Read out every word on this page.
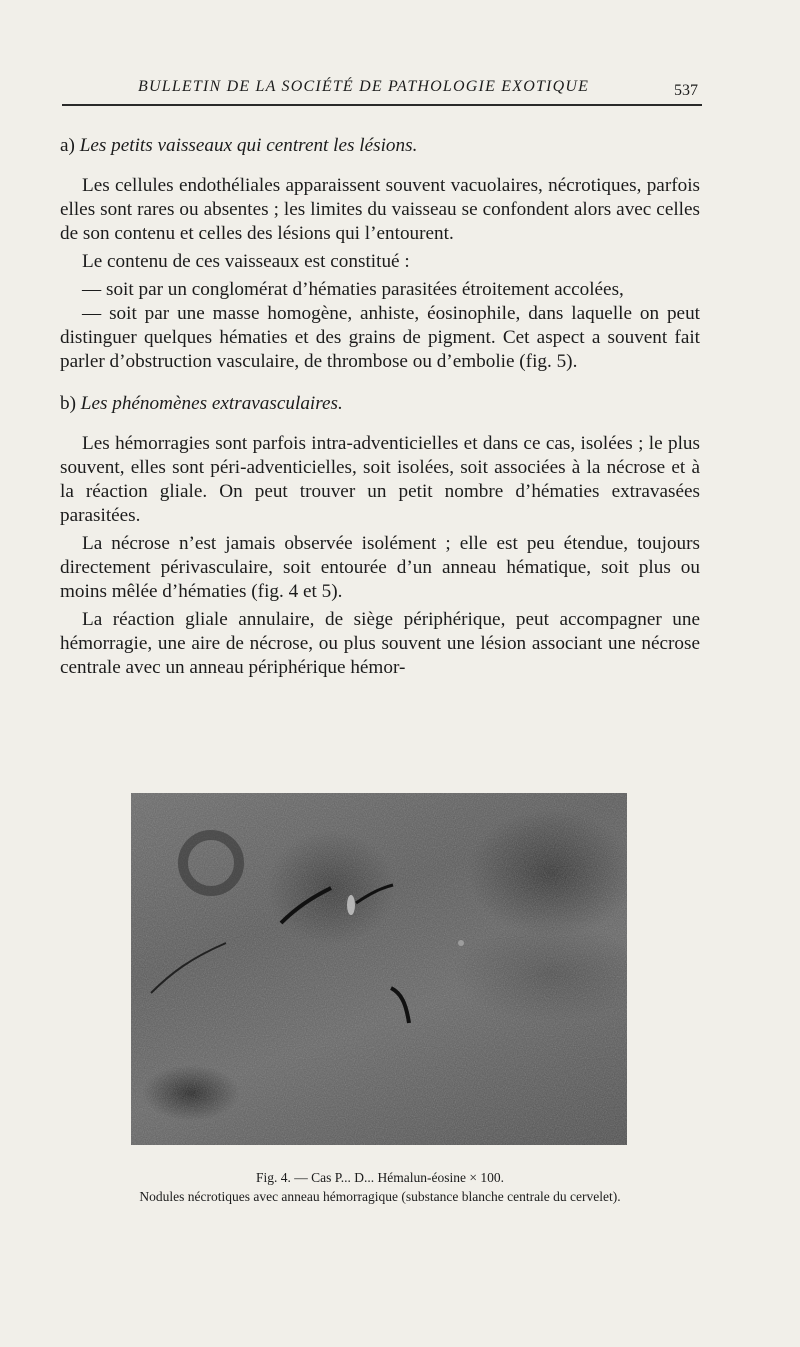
BULLETIN DE LA SOCIÉTÉ DE PATHOLOGIE EXOTIQUE	537

a) Les petits vaisseaux qui centrent les lésions.

Les cellules endothéliales apparaissent souvent vacuolaires, nécrotiques, parfois elles sont rares ou absentes ; les limites du vaisseau se confondent alors avec celles de son contenu et celles des lésions qui l’entourent.

Le contenu de ces vaisseaux est constitué :

— soit par un conglomérat d’hématies parasitées étroitement accolées,

— soit par une masse homogène, anhiste, éosinophile, dans laquelle on peut distinguer quelques hématies et des grains de pigment. Cet aspect a souvent fait parler d’obstruction vasculaire, de thrombose ou d’embolie (fig. 5).

b) Les phénomènes extravasculaires.

Les hémorragies sont parfois intra-adventicielles et dans ce cas, isolées ; le plus souvent, elles sont péri-adventicielles, soit isolées, soit associées à la nécrose et à la réaction gliale. On peut trouver un petit nombre d’hématies extravasées parasitées.

La nécrose n’est jamais observée isolément ; elle est peu étendue, toujours directement périvasculaire, soit entourée d’un anneau hématique, soit plus ou moins mêlée d’hématies (fig. 4 et 5).

La réaction gliale annulaire, de siège périphérique, peut accompagner une hémorragie, une aire de nécrose, ou plus souvent une lésion associant une nécrose centrale avec un anneau périphérique hémor-

Fig. 4. — Cas P... D... Hémalun-éosine × 100.
Nodules nécrotiques avec anneau hémorragique (substance blanche centrale du cervelet).
